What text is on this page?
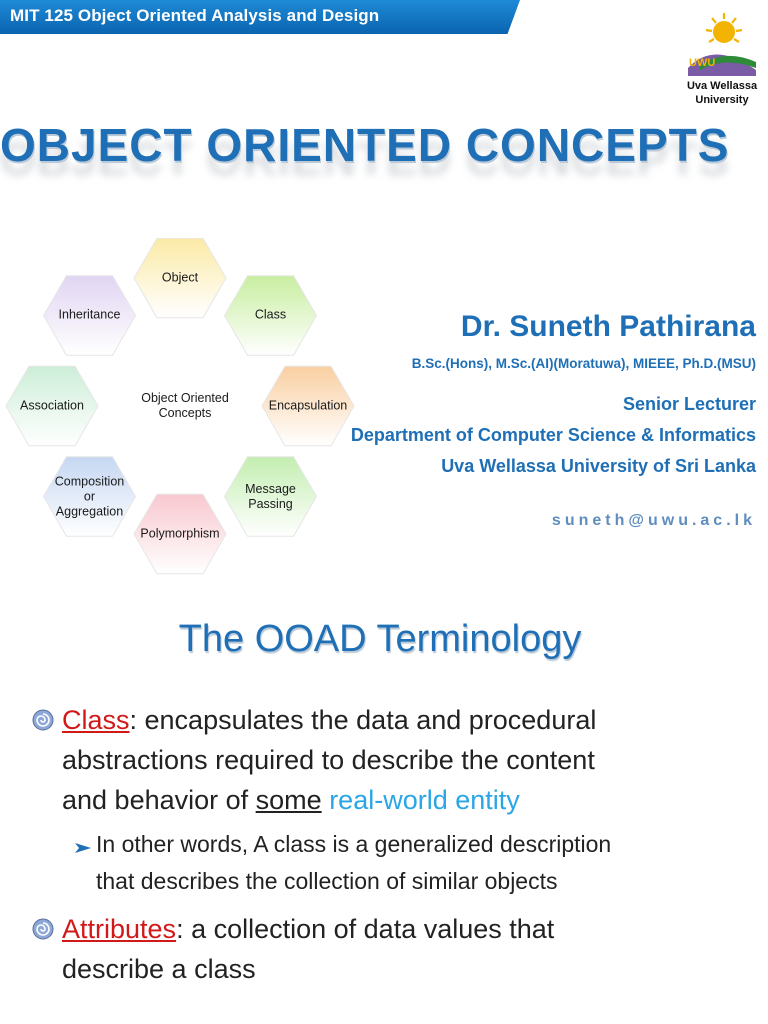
MIT 125 Object Oriented Analysis and Design
UWU
Uva Wellassa
University
OBJECT ORIENTED CONCEPTS
Object
Class
Encapsulation
Message
Passing
Polymorphism
Composition
or
Aggregation
Association
Inheritance
Object Oriented
Concepts
Dr. Suneth Pathirana
B.Sc.(Hons), M.Sc.(AI)(Moratuwa), MIEEE, Ph.D.(MSU)
Senior Lecturer
Department of Computer Science & Informatics
Uva Wellassa University of Sri Lanka
suneth@uwu.ac.lk
The OOAD Terminology
Class: encapsulates the data and procedural
abstractions required to describe the content
and behavior of some real-world entity
In other words, A class is a generalized description
that describes the collection of similar objects
Attributes: a collection of data values that
describe a class
